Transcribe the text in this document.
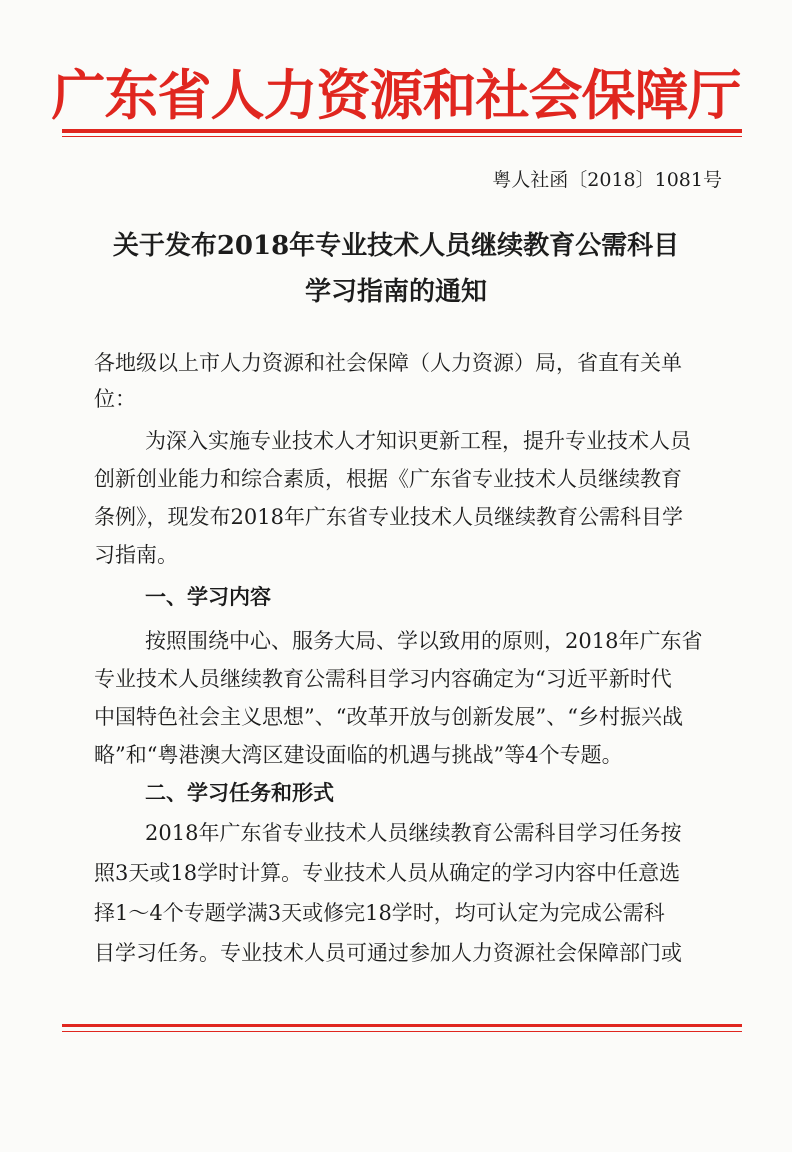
广东省人力资源和社会保障厅
粤人社函〔2018〕1081号
关于发布2018年专业技术人员继续教育公需科目
学习指南的通知
各地级以上市人力资源和社会保障（人力资源）局，省直有关单
位：
为深入实施专业技术人才知识更新工程，提升专业技术人员
创新创业能力和综合素质，根据《广东省专业技术人员继续教育
条例》，现发布2018年广东省专业技术人员继续教育公需科目学
习指南。
一、学习内容
按照围绕中心、服务大局、学以致用的原则，2018年广东省
专业技术人员继续教育公需科目学习内容确定为“习近平新时代
中国特色社会主义思想”、“改革开放与创新发展”、“乡村振兴战
略”和“粤港澳大湾区建设面临的机遇与挑战”等4个专题。
二、学习任务和形式
2018年广东省专业技术人员继续教育公需科目学习任务按
照3天或18学时计算。专业技术人员从确定的学习内容中任意选
择1～4个专题学满3天或修完18学时，均可认定为完成公需科
目学习任务。专业技术人员可通过参加人力资源社会保障部门或
